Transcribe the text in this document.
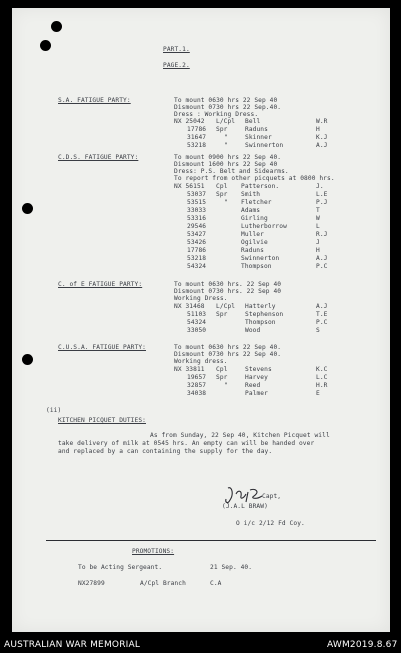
PART.1.
PAGE.2.
S.A. FATIGUE PARTY:	To mount 0630 hrs 22 Sep 40
Dismount 0730 hrs 22 Sep.40.
Dress : Working Dress.
NX 25042 L/Cpl Bell	W.R
17786 Spr	Raduns	H
31647	"	Skinner	K.J
53218	"	Swinnerton	A.J
C.D.S. FATIGUE PARTY:	To mount 0900 hrs 22 Sep 40.
Dismount 1600 hrs 22 Sep 40
Dress: P.S. Belt and Sidearms.
To report from other picquets at 0800 hrs.
NX 56151 Cpl Patterson.	J.
53037 Spr Smith	L.E
53515	" Fletcher	P.J
33033	Adams	T
53316	Girling	W
29546	Lutherborrow	L
53427	Muller	R.J
53426	Ogilvie	J
17786	Raduns	H
53218	Swinnerton	A.J
54324	Thompson	P.C
C. of E FATIGUE PARTY:	To mount 0630 hrs. 22 Sep 40
Dismount 0730 hrs. 22 Sep 40
Working Dress.
NX 31468 L/Cpl Hatterly	A.J
51103 Spr	Stephenson	T.E
54324	Thompson	P.C
33050	Wood	S
C.U.S.A. FATIGUE PARTY:	To mount 0630 hrs 22 Sep 40.
Dismount 0730 hrs 22 Sep 40.
Working dress.
NX 33811 Cpl	Stevens	K.C
19657 Spr	Harvey	L.C
32857	"	Reed	H.R
34038	Palmer	E
(ii)
KITCHEN PICQUET DUTIES:
As from Sunday, 22 Sep 40, Kitchen Picquet will
take delivery of milk at 0545 hrs. An empty can will be handed over
and replaced by a can containing the supply for the day.
Capt,
(J.A.L BRAW)
O i/c 2/12 Fd Coy.
PROMOTIONS:
To be Acting Sergeant.	21 Sep. 40.
NX27899	A/Cpl Branch	C.A
AUSTRALIAN WAR MEMORIAL	AWM2019.8.67
